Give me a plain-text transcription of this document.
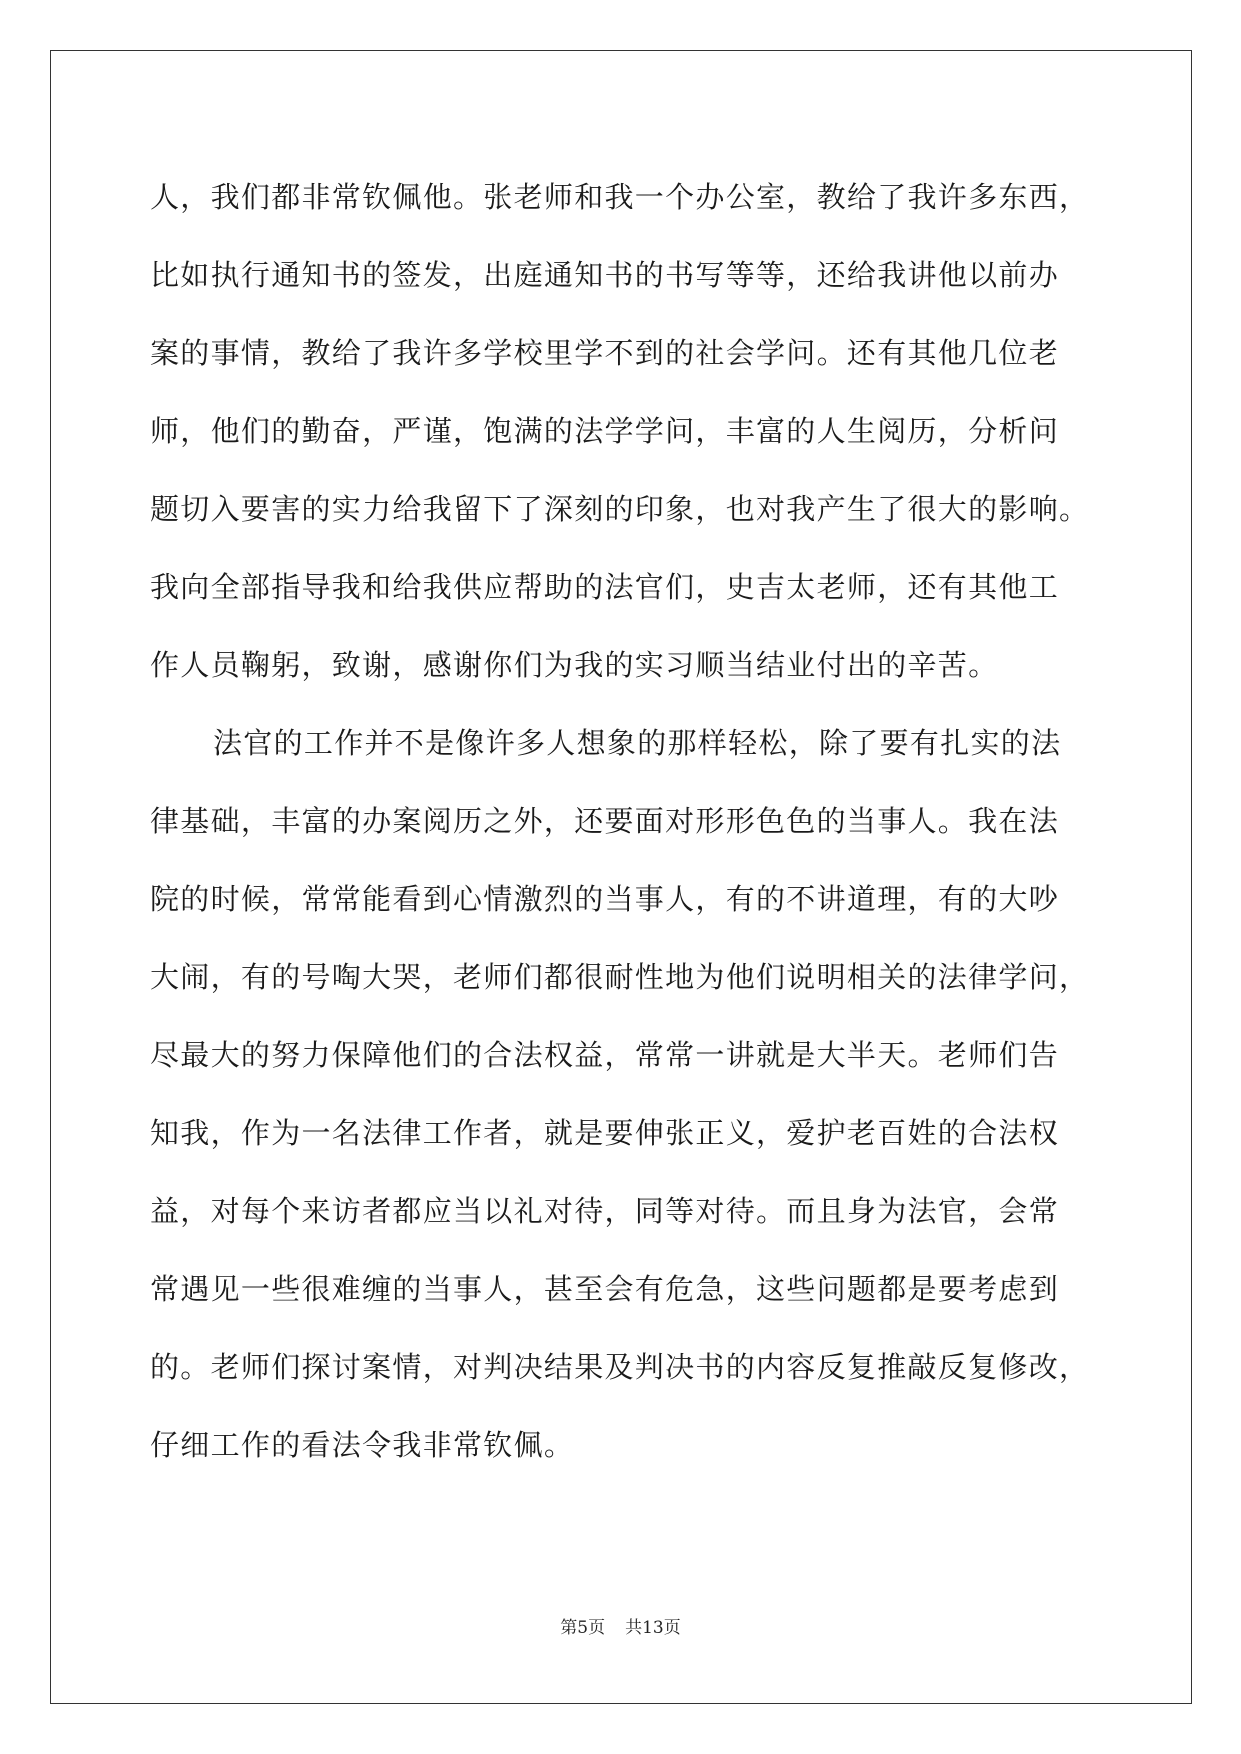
人，我们都非常钦佩他。张老师和我一个办公室，教给了我许多东西，
比如执行通知书的签发，出庭通知书的书写等等，还给我讲他以前办
案的事情，教给了我许多学校里学不到的社会学问。还有其他几位老
师，他们的勤奋，严谨，饱满的法学学问，丰富的人生阅历，分析问
题切入要害的实力给我留下了深刻的印象，也对我产生了很大的影响。
我向全部指导我和给我供应帮助的法官们，史吉太老师，还有其他工
作人员鞠躬，致谢，感谢你们为我的实习顺当结业付出的辛苦。
法官的工作并不是像许多人想象的那样轻松，除了要有扎实的法
律基础，丰富的办案阅历之外，还要面对形形色色的当事人。我在法
院的时候，常常能看到心情激烈的当事人，有的不讲道理，有的大吵
大闹，有的号啕大哭，老师们都很耐性地为他们说明相关的法律学问，
尽最大的努力保障他们的合法权益，常常一讲就是大半天。老师们告
知我，作为一名法律工作者，就是要伸张正义，爱护老百姓的合法权
益，对每个来访者都应当以礼对待，同等对待。而且身为法官，会常
常遇见一些很难缠的当事人，甚至会有危急，这些问题都是要考虑到
的。老师们探讨案情，对判决结果及判决书的内容反复推敲反复修改，
仔细工作的看法令我非常钦佩。
第5页 共13页
